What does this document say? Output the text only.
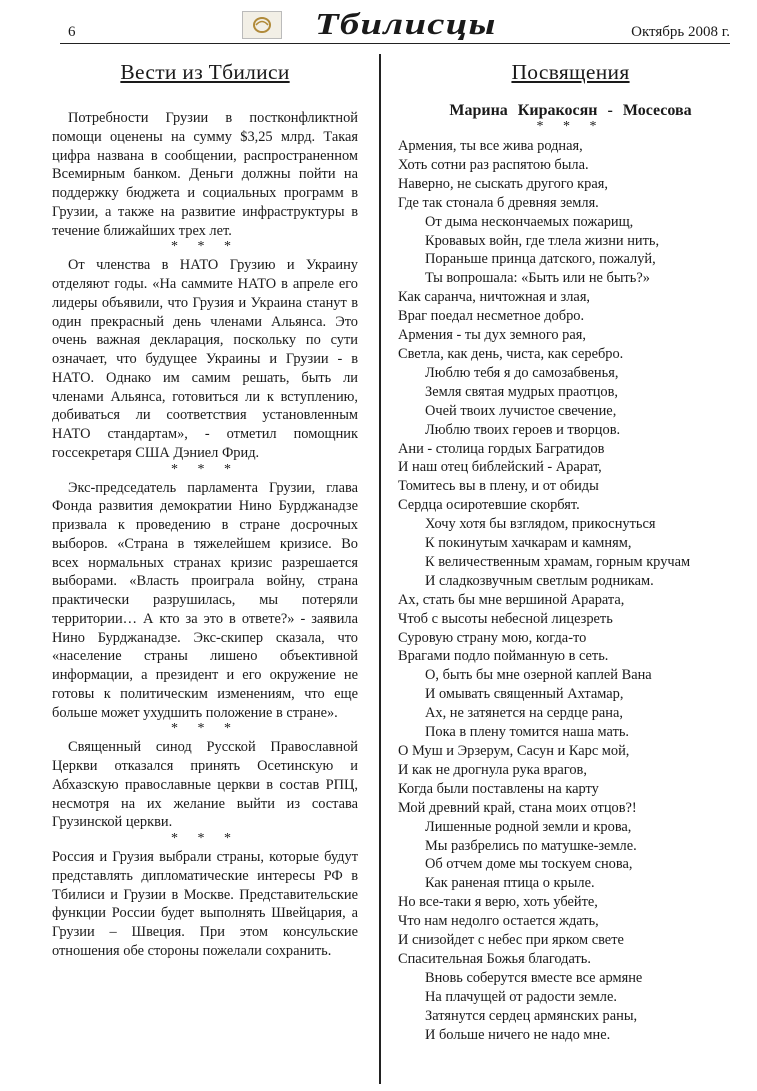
6	Тбилисцы	Октябрь 2008 г.
Вести из Тбилиси

Потребности Грузии в постконфликтной помощи оценены на сумму $3,25 млрд. Такая цифра названа в сообщении, распространенном Всемирным банком. Деньги должны пойти на поддержку бюджета и социальных программ в Грузии, а также на развитие инфраструктуры в течение ближайших трех лет.

* * *

От членства в НАТО Грузию и Украину отделяют годы. «На саммите НАТО в апреле его лидеры объявили, что Грузия и Украина станут в один прекрасный день членами Альянса. Это очень важная декларация, поскольку по сути означает, что будущее Украины и Грузии - в НАТО. Однако им самим решать, быть ли членами Альянса, готовиться ли к вступлению, добиваться ли соответствия установленным НАТО стандартам», - отметил помощник госсекретаря США Дэниел Фрид.

* * *

Экс-председатель парламента Грузии, глава Фонда развития демократии Нино Бурджанадзе призвала к проведению в стране досрочных выборов. «Страна в тяжелейшем кризисе. Во всех нормальных странах кризис разрешается выборами. «Власть проиграла войну, страна практически разрушилась, мы потеряли территории… А кто за это в ответе?» - заявила Нино Бурджанадзе. Экс-скипер сказала, что «население страны лишено объективной информации, а президент и его окружение не готовы к политическим изменениям, что еще больше может ухудшить положение в стране».

* * *

Священный синод Русской Православной Церкви отказался принять Осетинскую и Абхазскую православные церкви в состав РПЦ, несмотря на их желание выйти из состава Грузинской церкви.

* * *

Россия и Грузия выбрали страны, которые будут представлять дипломатические интересы РФ в Тбилиси и Грузии в Москве. Представительские функции России будет выполнять Швейцария, а Грузии – Швеция. При этом консульские отношения обе стороны пожелали сохранить.

Посвящения
Марина Киракосян - Мосесова
* * *
Армения, ты все жива родная,
Хоть сотни раз распятою была.
Наверно, не сыскать другого края,
Где так стонала б древняя земля.
От дыма нескончаемых пожарищ,
Кровавых войн, где тлела жизни нить,
Пораньше принца датского, пожалуй,
Ты вопрошала: «Быть или не быть?»
Как саранча, ничтожная и злая,
Враг поедал несметное добро.
Армения - ты дух земного рая,
Светла, как день, чиста, как серебро.
Люблю тебя я до самозабвенья,
Земля святая мудрых праотцов,
Очей твоих лучистое свечение,
Люблю твоих героев и творцов.
Ани - столица гордых Багратидов
И наш отец библейский - Арарат,
Томитесь вы в плену, и от обиды
Сердца осиротевшие скорбят.
Хочу хотя бы взглядом, прикоснуться
К покинутым хачкарам и камням,
К величественным храмам, горным кручам
И сладкозвучным светлым родникам.
Ах, стать бы мне вершиной Арарата,
Чтоб с высоты небесной лицезреть
Суровую страну мою, когда-то
Врагами подло пойманную в сеть.
О, быть бы мне озерной каплей Вана
И омывать священный Ахтамар,
Ах, не затянется на сердце рана,
Пока в плену томится наша мать.
О Муш и Эрзерум, Сасун и Карс мой,
И как не дрогнула рука врагов,
Когда были поставлены на карту
Мой древний край, стана моих отцов?!
Лишенные родной земли и крова,
Мы разбрелись по матушке-земле.
Об отчем доме мы тоскуем снова,
Как раненая птица о крыле.
Но все-таки я верю, хоть убейте,
Что нам недолго остается ждать,
И снизойдет с небес при ярком свете
Спасительная Божья благодать.
Вновь соберутся вместе все армяне
На плачущей от радости земле.
Затянутся сердец армянских раны,
И больше ничего не надо мне.
